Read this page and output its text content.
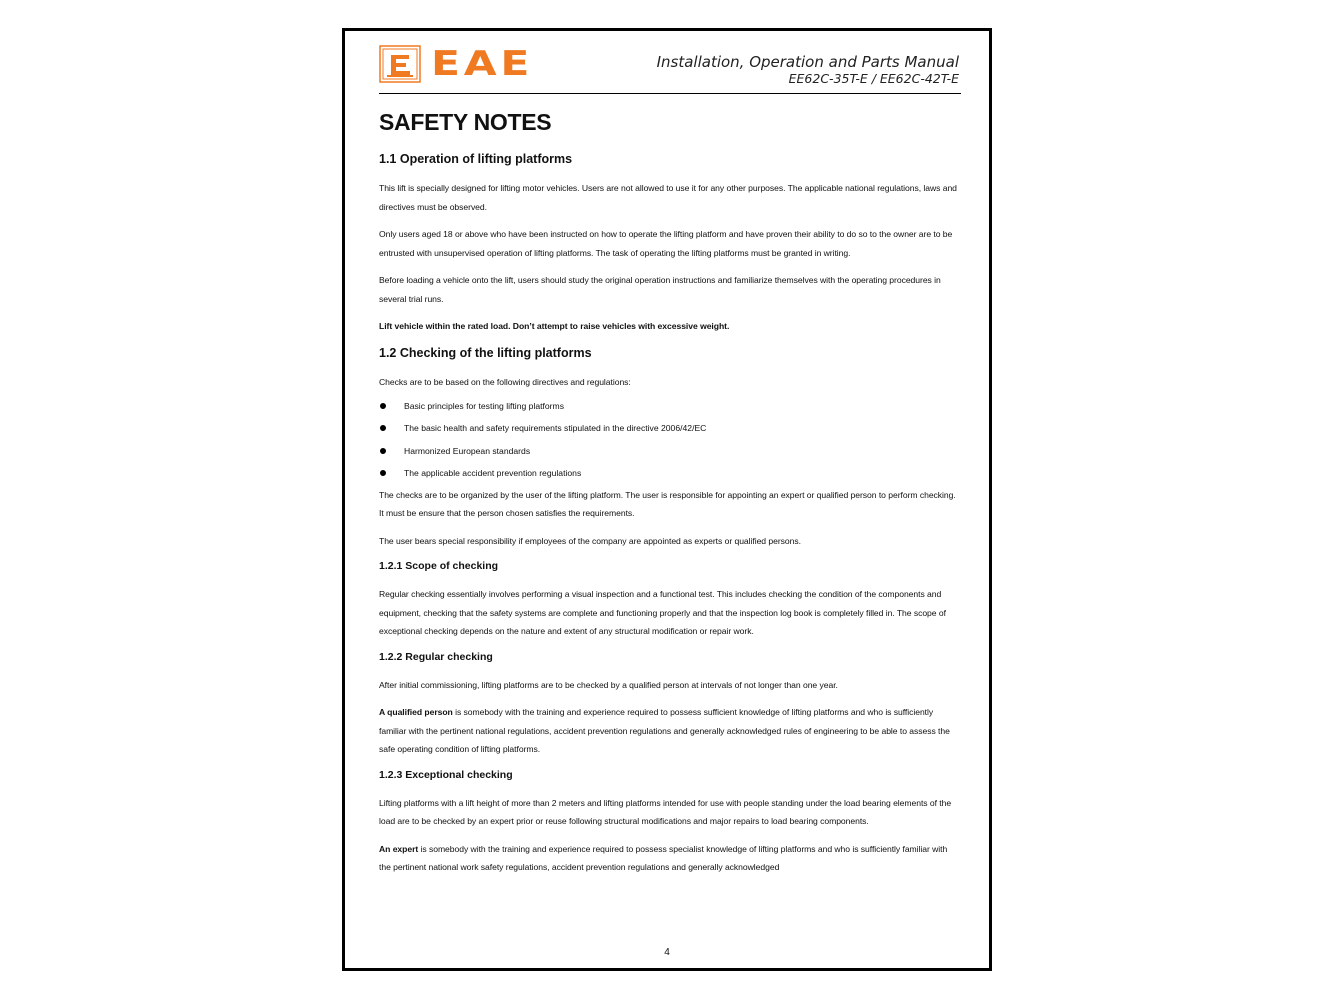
EAE	Installation, Operation and Parts Manual
EE62C-35T-E / EE62C-42T-E
SAFETY NOTES
1.1 Operation of lifting platforms

This lift is specially designed for lifting motor vehicles. Users are not allowed to use it for any other purposes. The applicable national regulations, laws and directives must be observed.

Only users aged 18 or above who have been instructed on how to operate the lifting platform and have proven their ability to do so to the owner are to be entrusted with unsupervised operation of lifting platforms. The task of operating the lifting platforms must be granted in writing.

Before loading a vehicle onto the lift, users should study the original operation instructions and familiarize themselves with the operating procedures in several trial runs.

Lift vehicle within the rated load. Don’t attempt to raise vehicles with excessive weight.

1.2 Checking of the lifting platforms

Checks are to be based on the following directives and regulations:

Basic principles for testing lifting platforms
The basic health and safety requirements stipulated in the directive 2006/42/EC
Harmonized European standards
The applicable accident prevention regulations

The checks are to be organized by the user of the lifting platform. The user is responsible for appointing an expert or qualified person to perform checking. It must be ensure that the person chosen satisfies the requirements.

The user bears special responsibility if employees of the company are appointed as experts or qualified persons.

1.2.1 Scope of checking

Regular checking essentially involves performing a visual inspection and a functional test. This includes checking the condition of the components and equipment, checking that the safety systems are complete and functioning properly and that the inspection log book is completely filled in. The scope of exceptional checking depends on the nature and extent of any structural modification or repair work.

1.2.2 Regular checking

After initial commissioning, lifting platforms are to be checked by a qualified person at intervals of not longer than one year.

A qualified person is somebody with the training and experience required to possess sufficient knowledge of lifting platforms and who is sufficiently familiar with the pertinent national regulations, accident prevention regulations and generally acknowledged rules of engineering to be able to assess the safe operating condition of lifting platforms.

1.2.3 Exceptional checking

Lifting platforms with a lift height of more than 2 meters and lifting platforms intended for use with people standing under the load bearing elements of the load are to be checked by an expert prior or reuse following structural modifications and major repairs to load bearing components.

An expert is somebody with the training and experience required to possess specialist knowledge of lifting platforms and who is sufficiently familiar with the pertinent national work safety regulations, accident prevention regulations and generally acknowledged

4
